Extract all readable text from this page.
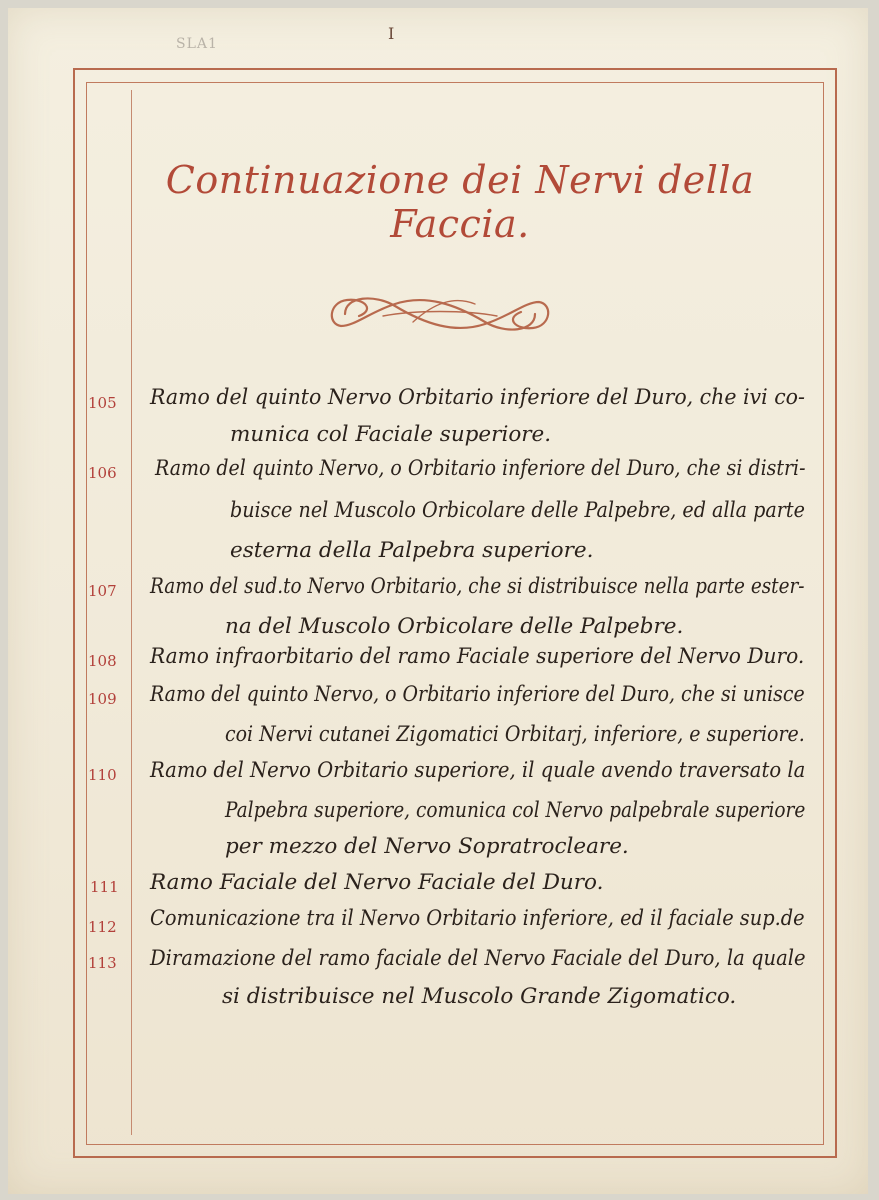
I
SLA1
Continuazione dei Nervi della Faccia.
105 Ramo del quinto Nervo Orbitario inferiore del Duro, che ivi co-
munica col Faciale superiore.
106 Ramo del quinto Nervo, o Orbitario inferiore del Duro, che si distri-
buisce nel Muscolo Orbicolare delle Palpebre, ed alla parte
esterna della Palpebra superiore.
107 Ramo del sud.to Nervo Orbitario, che si distribuisce nella parte ester-
na del Muscolo Orbicolare delle Palpebre.
108 Ramo infraorbitario del ramo Faciale superiore del Nervo Duro.
109 Ramo del quinto Nervo, o Orbitario inferiore del Duro, che si unisce
coi Nervi cutanei Zigomatici Orbitarj, inferiore, e superiore.
110 Ramo del Nervo Orbitario superiore, il quale avendo traversato la
Palpebra superiore, comunica col Nervo palpebrale superiore
per mezzo del Nervo Sopratrocleare.
111 Ramo Faciale del Nervo Faciale del Duro.
112 Comunicazione tra il Nervo Orbitario inferiore, ed il faciale sup.de
113 Diramazione del ramo faciale del Nervo Faciale del Duro, la quale
si distribuisce nel Muscolo Grande Zigomatico.
